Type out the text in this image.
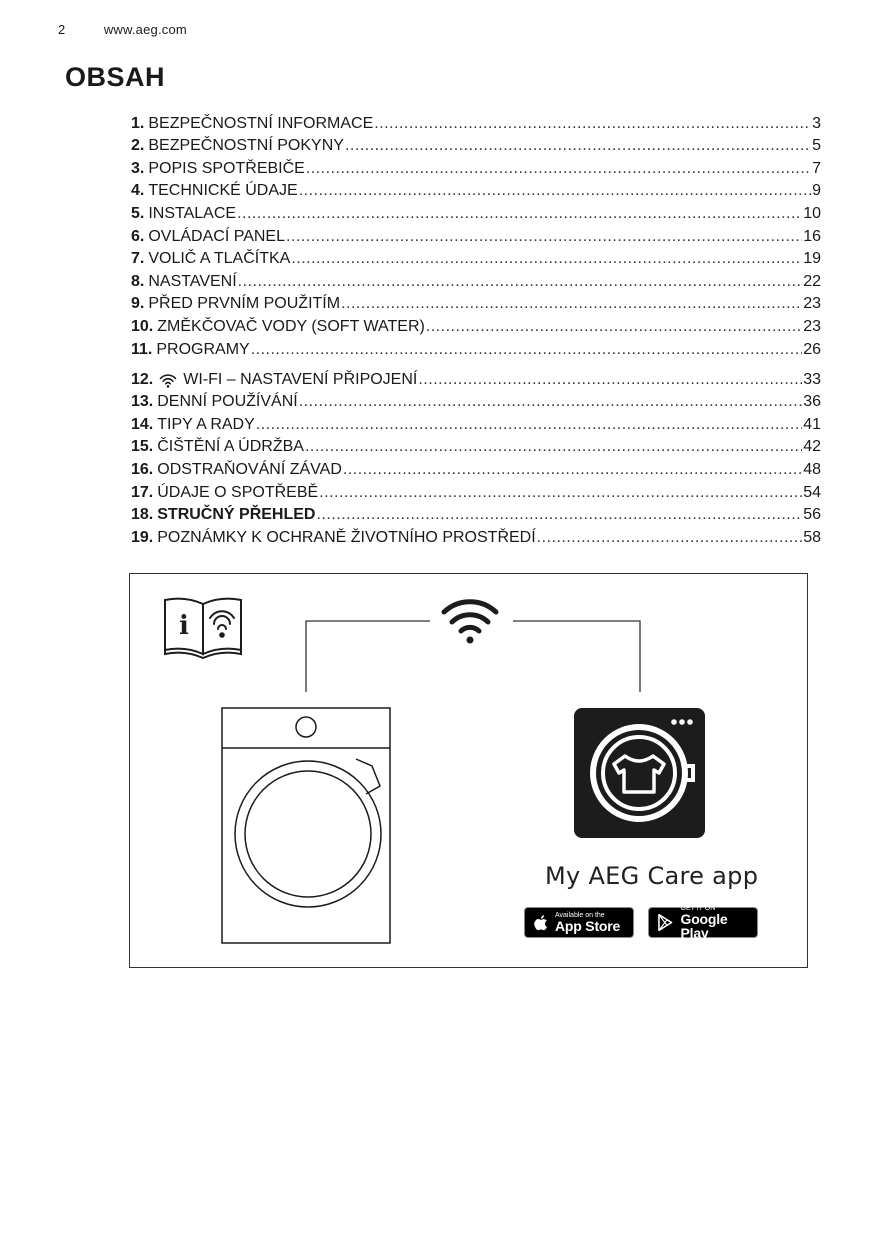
2	www.aeg.com
OBSAH
1. BEZPEČNOSTNÍ INFORMACE .....	3
2. BEZPEČNOSTNÍ POKYNY .....	5
3. POPIS SPOTŘEBIČE .....	7
4. TECHNICKÉ ÚDAJE .....	9
5. INSTALACE .....	10
6. OVLÁDACÍ PANEL .....	16
7. VOLIČ A TLAČÍTKA .....	19
8. NASTAVENÍ .....	22
9. PŘED PRVNÍM POUŽITÍM .....	23
10. ZMĚKČOVAČ VODY (SOFT WATER) .....	23
11. PROGRAMY .....	26
12. WI-FI – NASTAVENÍ PŘIPOJENÍ .....	33
13. DENNÍ POUŽÍVÁNÍ .....	36
14. TIPY A RADY .....	41
15. ČIŠTĚNÍ A ÚDRŽBA .....	42
16. ODSTRAŇOVÁNÍ ZÁVAD .....	48
17. ÚDAJE O SPOTŘEBĚ .....	54
18. STRUČNÝ PŘEHLED .....	56
19. POZNÁMKY K OCHRANĚ ŽIVOTNÍHO PROSTŘEDÍ .....	58
i
My AEG Care app
Available on the
App Store
GET IT ON
Google Play
